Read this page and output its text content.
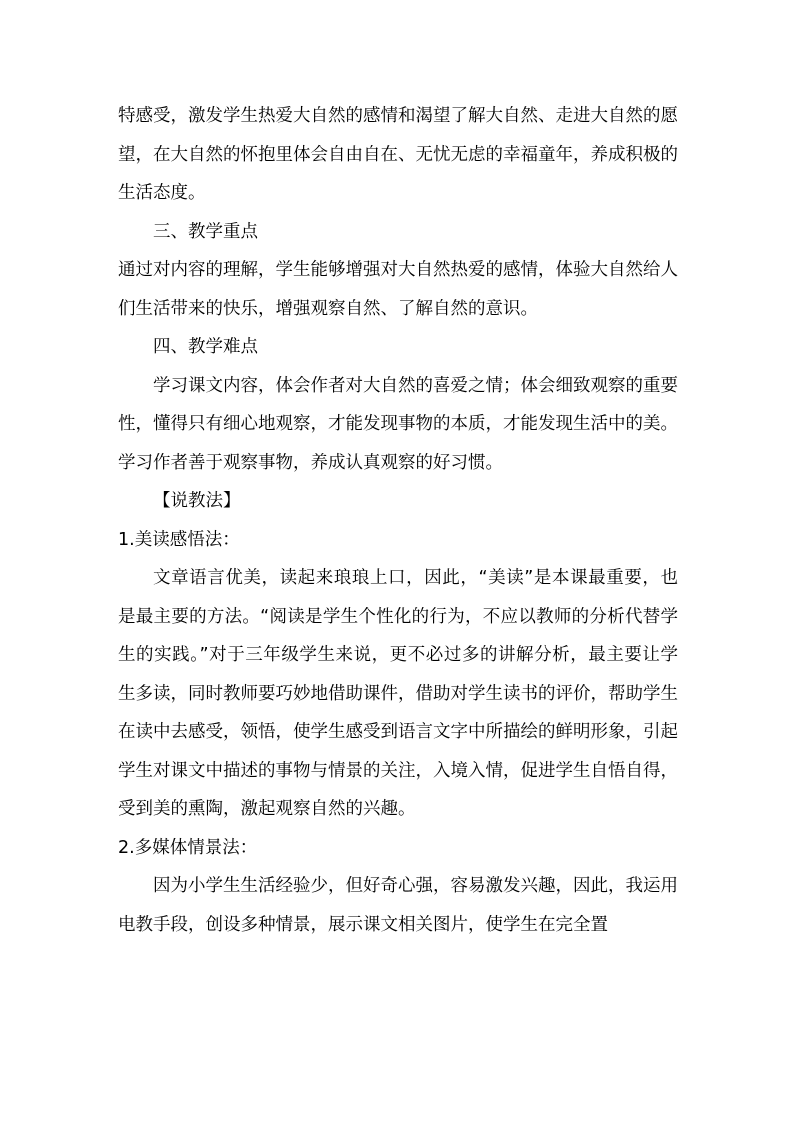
特感受，激发学生热爱大自然的感情和渴望了解大自然、走进大自然的愿望，在大自然的怀抱里体会自由自在、无忧无虑的幸福童年，养成积极的生活态度。

三、教学重点

通过对内容的理解，学生能够增强对大自然热爱的感情，体验大自然给人们生活带来的快乐，增强观察自然、了解自然的意识。

四、教学难点

学习课文内容，体会作者对大自然的喜爱之情；体会细致观察的重要性，懂得只有细心地观察，才能发现事物的本质，才能发现生活中的美。学习作者善于观察事物，养成认真观察的好习惯。

【说教法】

1.美读感悟法：

文章语言优美，读起来琅琅上口，因此，“美读”是本课最重要，也是最主要的方法。“阅读是学生个性化的行为，不应以教师的分析代替学生的实践。”对于三年级学生来说，更不必过多的讲解分析，最主要让学生多读，同时教师要巧妙地借助课件，借助对学生读书的评价，帮助学生在读中去感受，领悟，使学生感受到语言文字中所描绘的鲜明形象，引起学生对课文中描述的事物与情景的关注，入境入情，促进学生自悟自得，受到美的熏陶，激起观察自然的兴趣。

2.多媒体情景法：

因为小学生生活经验少，但好奇心强，容易激发兴趣，因此，我运用电教手段，创设多种情景，展示课文相关图片，使学生在完全置
